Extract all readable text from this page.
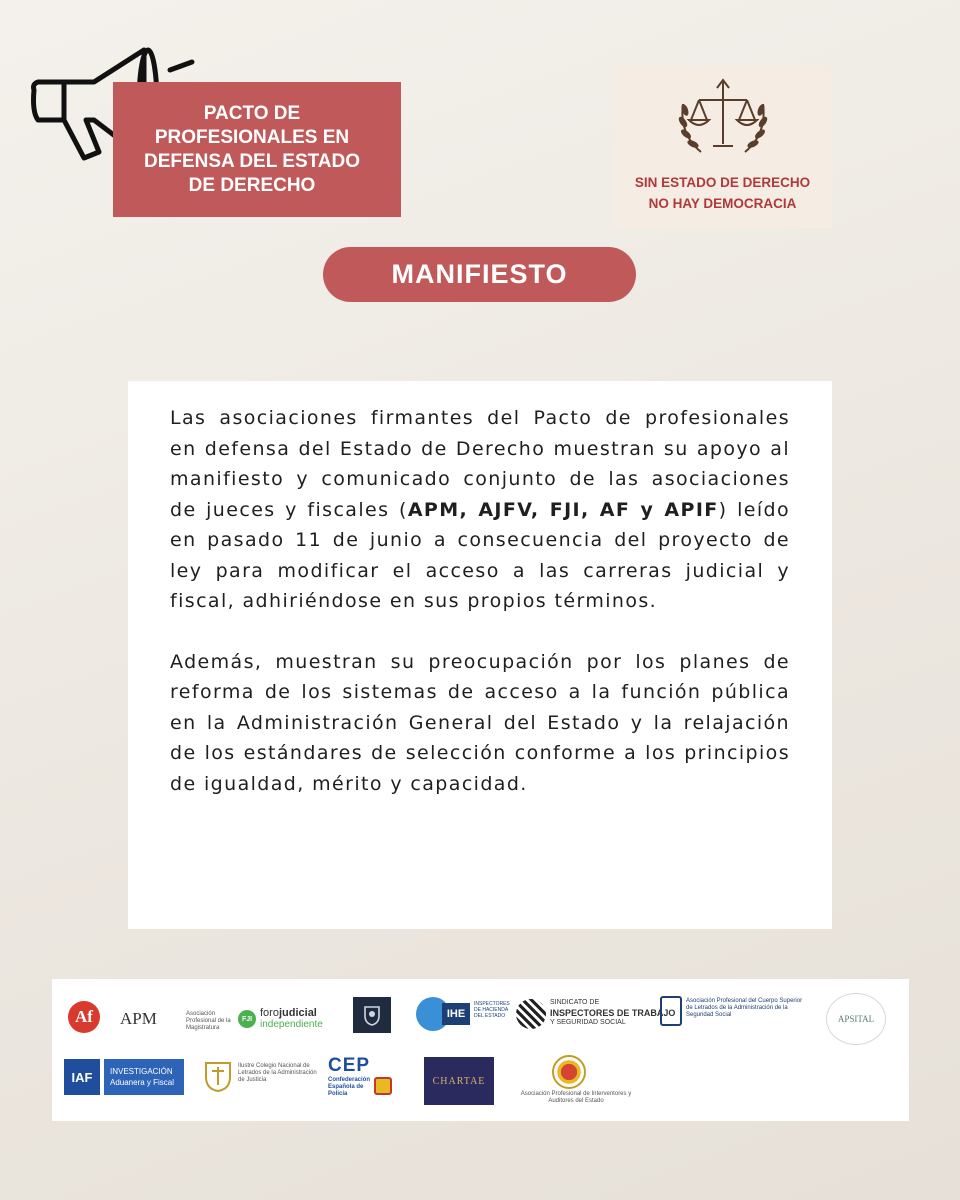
PACTO DE
PROFESIONALES EN
DEFENSA DEL ESTADO
DE DERECHO	SIN ESTADO DE DERECHO
NO HAY DEMOCRACIA
MANIFIESTO

Las asociaciones firmantes del Pacto de profesionales en defensa del Estado de Derecho muestran su apoyo al manifiesto y comunicado conjunto de las asociaciones de jueces y fiscales (APM, AJFV, FJI, AF y APIF) leído en pasado 11 de junio a consecuencia del proyecto de ley para modificar el acceso a las carreras judicial y fiscal, adhiriéndose en sus propios términos.

Además, muestran su preocupación por los planes de reforma de los sistemas de acceso a la función pública en la Administración General del Estado y la relajación de los estándares de selección conforme a los principios de igualdad, mérito y capacidad.

Af APM	Asociación Profesional de la Magistratura
FJI forojudicial
independiente
IHE
INSPECTORES DE HACIENDA DEL ESTADO
SINDICATO DE
INSPECTORES DE TRABAJO
Y SEGURIDAD SOCIAL
Asociación Profesional del Cuerpo Superior de Letrados de la Administración de la Seguridad Social	APSITAL
IAF	INVESTIGACIÓN
Aduanera y Fiscal
Ilustre Colegio Nacional de Letrados de la Administración de Justicia
CEP
Confederación Española de Policía
CHARTAE
Asociación Profesional de Interventores y Auditores del Estado
